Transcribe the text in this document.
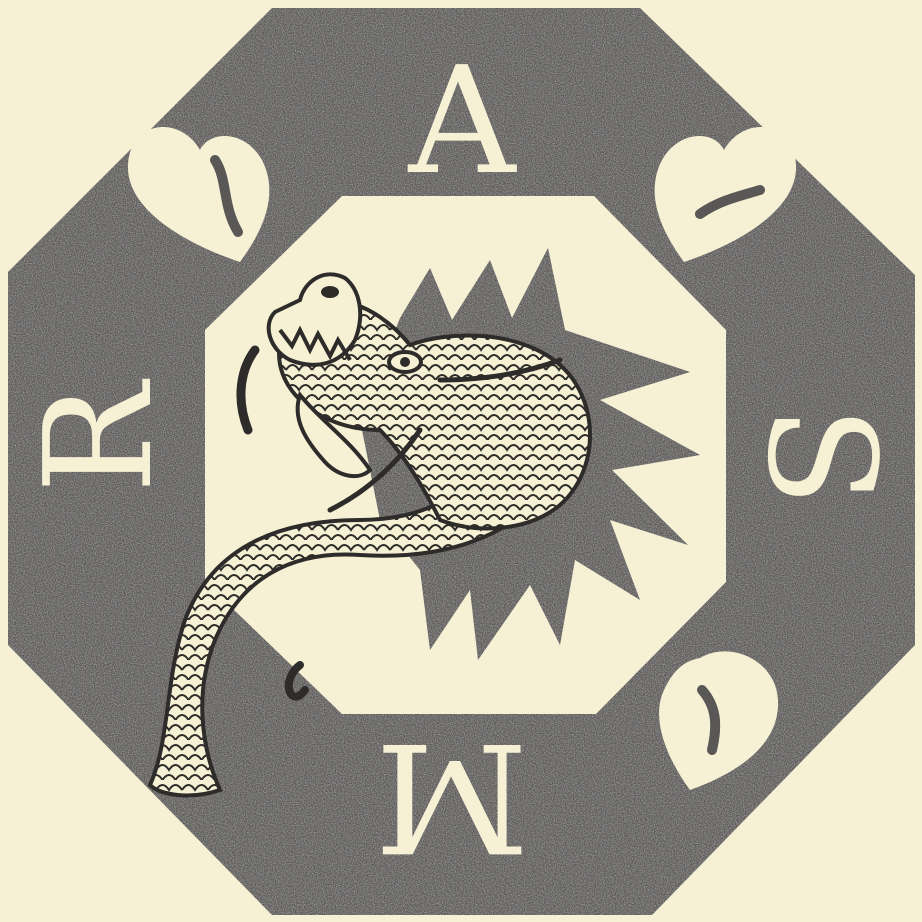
A
S
M
R
